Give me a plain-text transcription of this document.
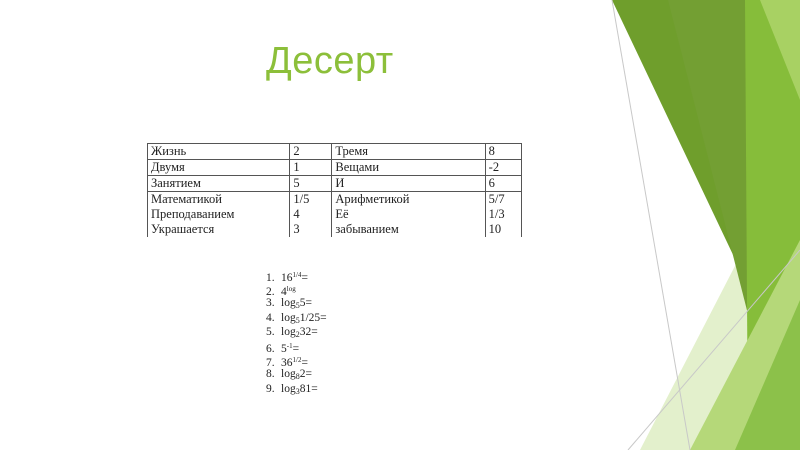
Десерт
Жизнь	2	Тремя	8
Двумя	1	Вещами	-2
Занятием	5	И	6
Математикой	1/5	Арифметикой	5/7
Преподаванием	4	Её	1/3
Украшается	3	забыванием	10
1. $16^{1/4}=$
2. $4^{log}$
3. $\log_55=$
4. $\log_51/25=$
5. $\log_232=$
6. $5^{-1}=$
7. $36^{1/2}=$
8. $\log_82=$
9. $\log_381=$
